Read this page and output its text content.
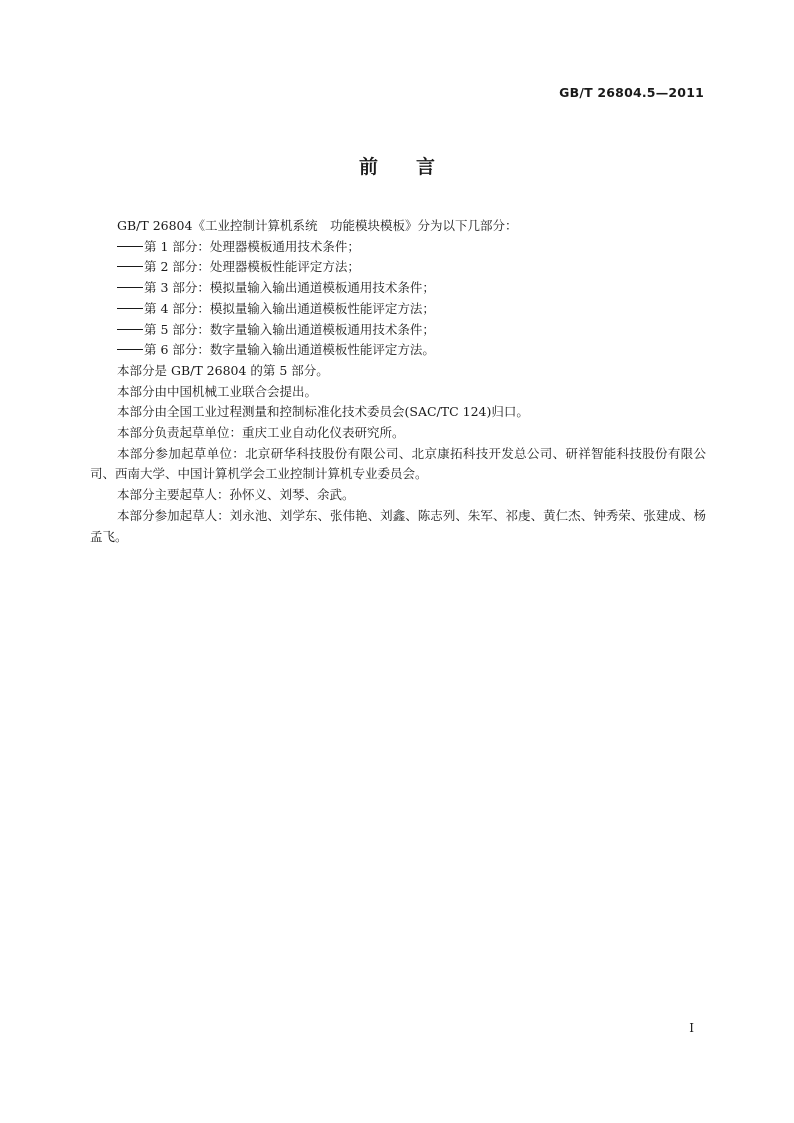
GB/T 26804.5—2011
前言

GB/T 26804《工业控制计算机系统　功能模块模板》分为以下几部分：

第 1 部分：处理器模板通用技术条件；

第 2 部分：处理器模板性能评定方法；

第 3 部分：模拟量输入输出通道模板通用技术条件；

第 4 部分：模拟量输入输出通道模板性能评定方法；

第 5 部分：数字量输入输出通道模板通用技术条件；

第 6 部分：数字量输入输出通道模板性能评定方法。

本部分是 GB/T 26804 的第 5 部分。

本部分由中国机械工业联合会提出。

本部分由全国工业过程测量和控制标准化技术委员会(SAC/TC 124)归口。

本部分负责起草单位：重庆工业自动化仪表研究所。

本部分参加起草单位：北京研华科技股份有限公司、北京康拓科技开发总公司、研祥智能科技股份有限公司、西南大学、中国计算机学会工业控制计算机专业委员会。

本部分主要起草人：孙怀义、刘琴、余武。

本部分参加起草人：刘永池、刘学东、张伟艳、刘鑫、陈志列、朱军、祁虔、黄仁杰、钟秀荣、张建成、杨孟飞。

I
